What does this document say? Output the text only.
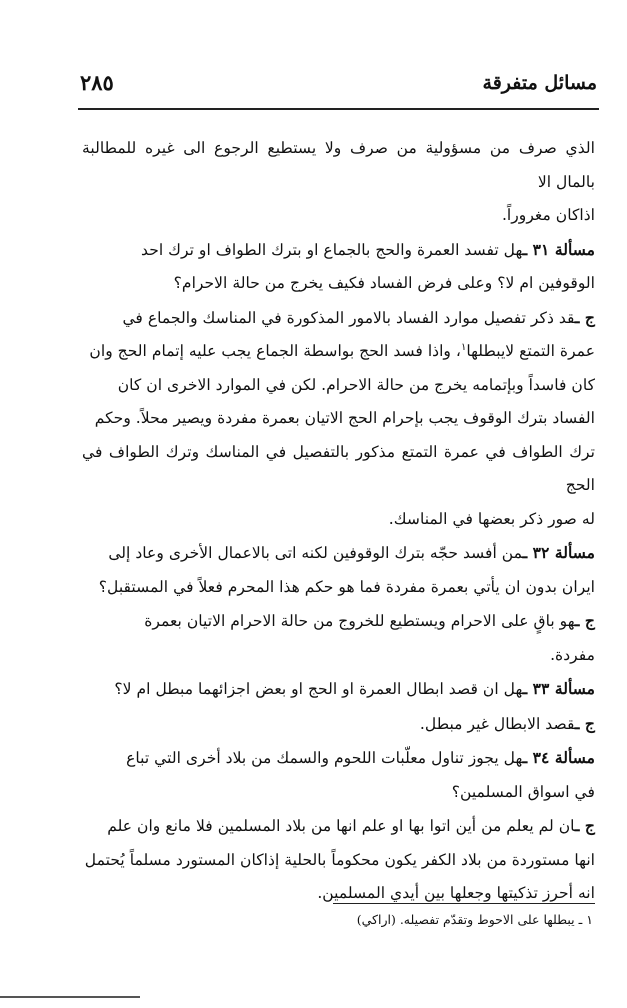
مسائل متفرقة
٢٨٥
الذي صرف من مسؤولية من صرف ولا يستطيع الرجوع الى غيره للمطالبة بالمال الا
اذاكان مغروراً.
مسألة ٣١ ـهل تفسد العمرة والحج بالجماع او بترك الطواف او ترك احد
الوقوفين ام لا؟ وعلى فرض الفساد فكيف يخرج من حالة الاحرام؟
ج ـقد ذكر تفصيل موارد الفساد بالامور المذكورة في المناسك والجماع في
عمرة التمتع لايبطلها$^١$، واذا فسد الحج بواسطة الجماع يجب عليه إتمام الحج وان
كان فاسداً وبإتمامه يخرج من حالة الاحرام. لكن في الموارد الاخرى ان كان
الفساد بترك الوقوف يجب بإحرام الحج الاتيان بعمرة مفردة ويصير محلاً. وحكم
ترك الطواف في عمرة التمتع مذكور بالتفصيل في المناسك وترك الطواف في الحج
له صور ذكر بعضها في المناسك.
مسألة ٣٢ ـمن أفسد حجّه بترك الوقوفين لكنه اتى بالاعمال الأخرى وعاد إلى
ايران بدون ان يأتي بعمرة مفردة فما هو حكم هذا المحرم فعلاً في المستقبل؟
ج ـهو باقٍ على الاحرام ويستطيع للخروج من حالة الاحرام الاتيان بعمرة
مفردة.
مسألة ٣٣ ـهل ان قصد ابطال العمرة او الحج او بعض اجزائهما مبطل ام لا؟
ج ـقصد الابطال غير مبطل.
مسألة ٣٤ ـهل يجوز تناول معلّبات اللحوم والسمك من بلاد أخرى التي تباع
في اسواق المسلمين؟
ج ـان لم يعلم من أين اتوا بها او علم انها من بلاد المسلمين فلا مانع وان علم
انها مستوردة من بلاد الكفر يكون محكوماً بالحلية إذاكان المستورد مسلماً يُحتمل
انه أحرز تذكيتها وجعلها بين أيدي المسلمين.
١ ـ يبطلها على الاحوط وتقدّم تفصيله. (اراكي)
